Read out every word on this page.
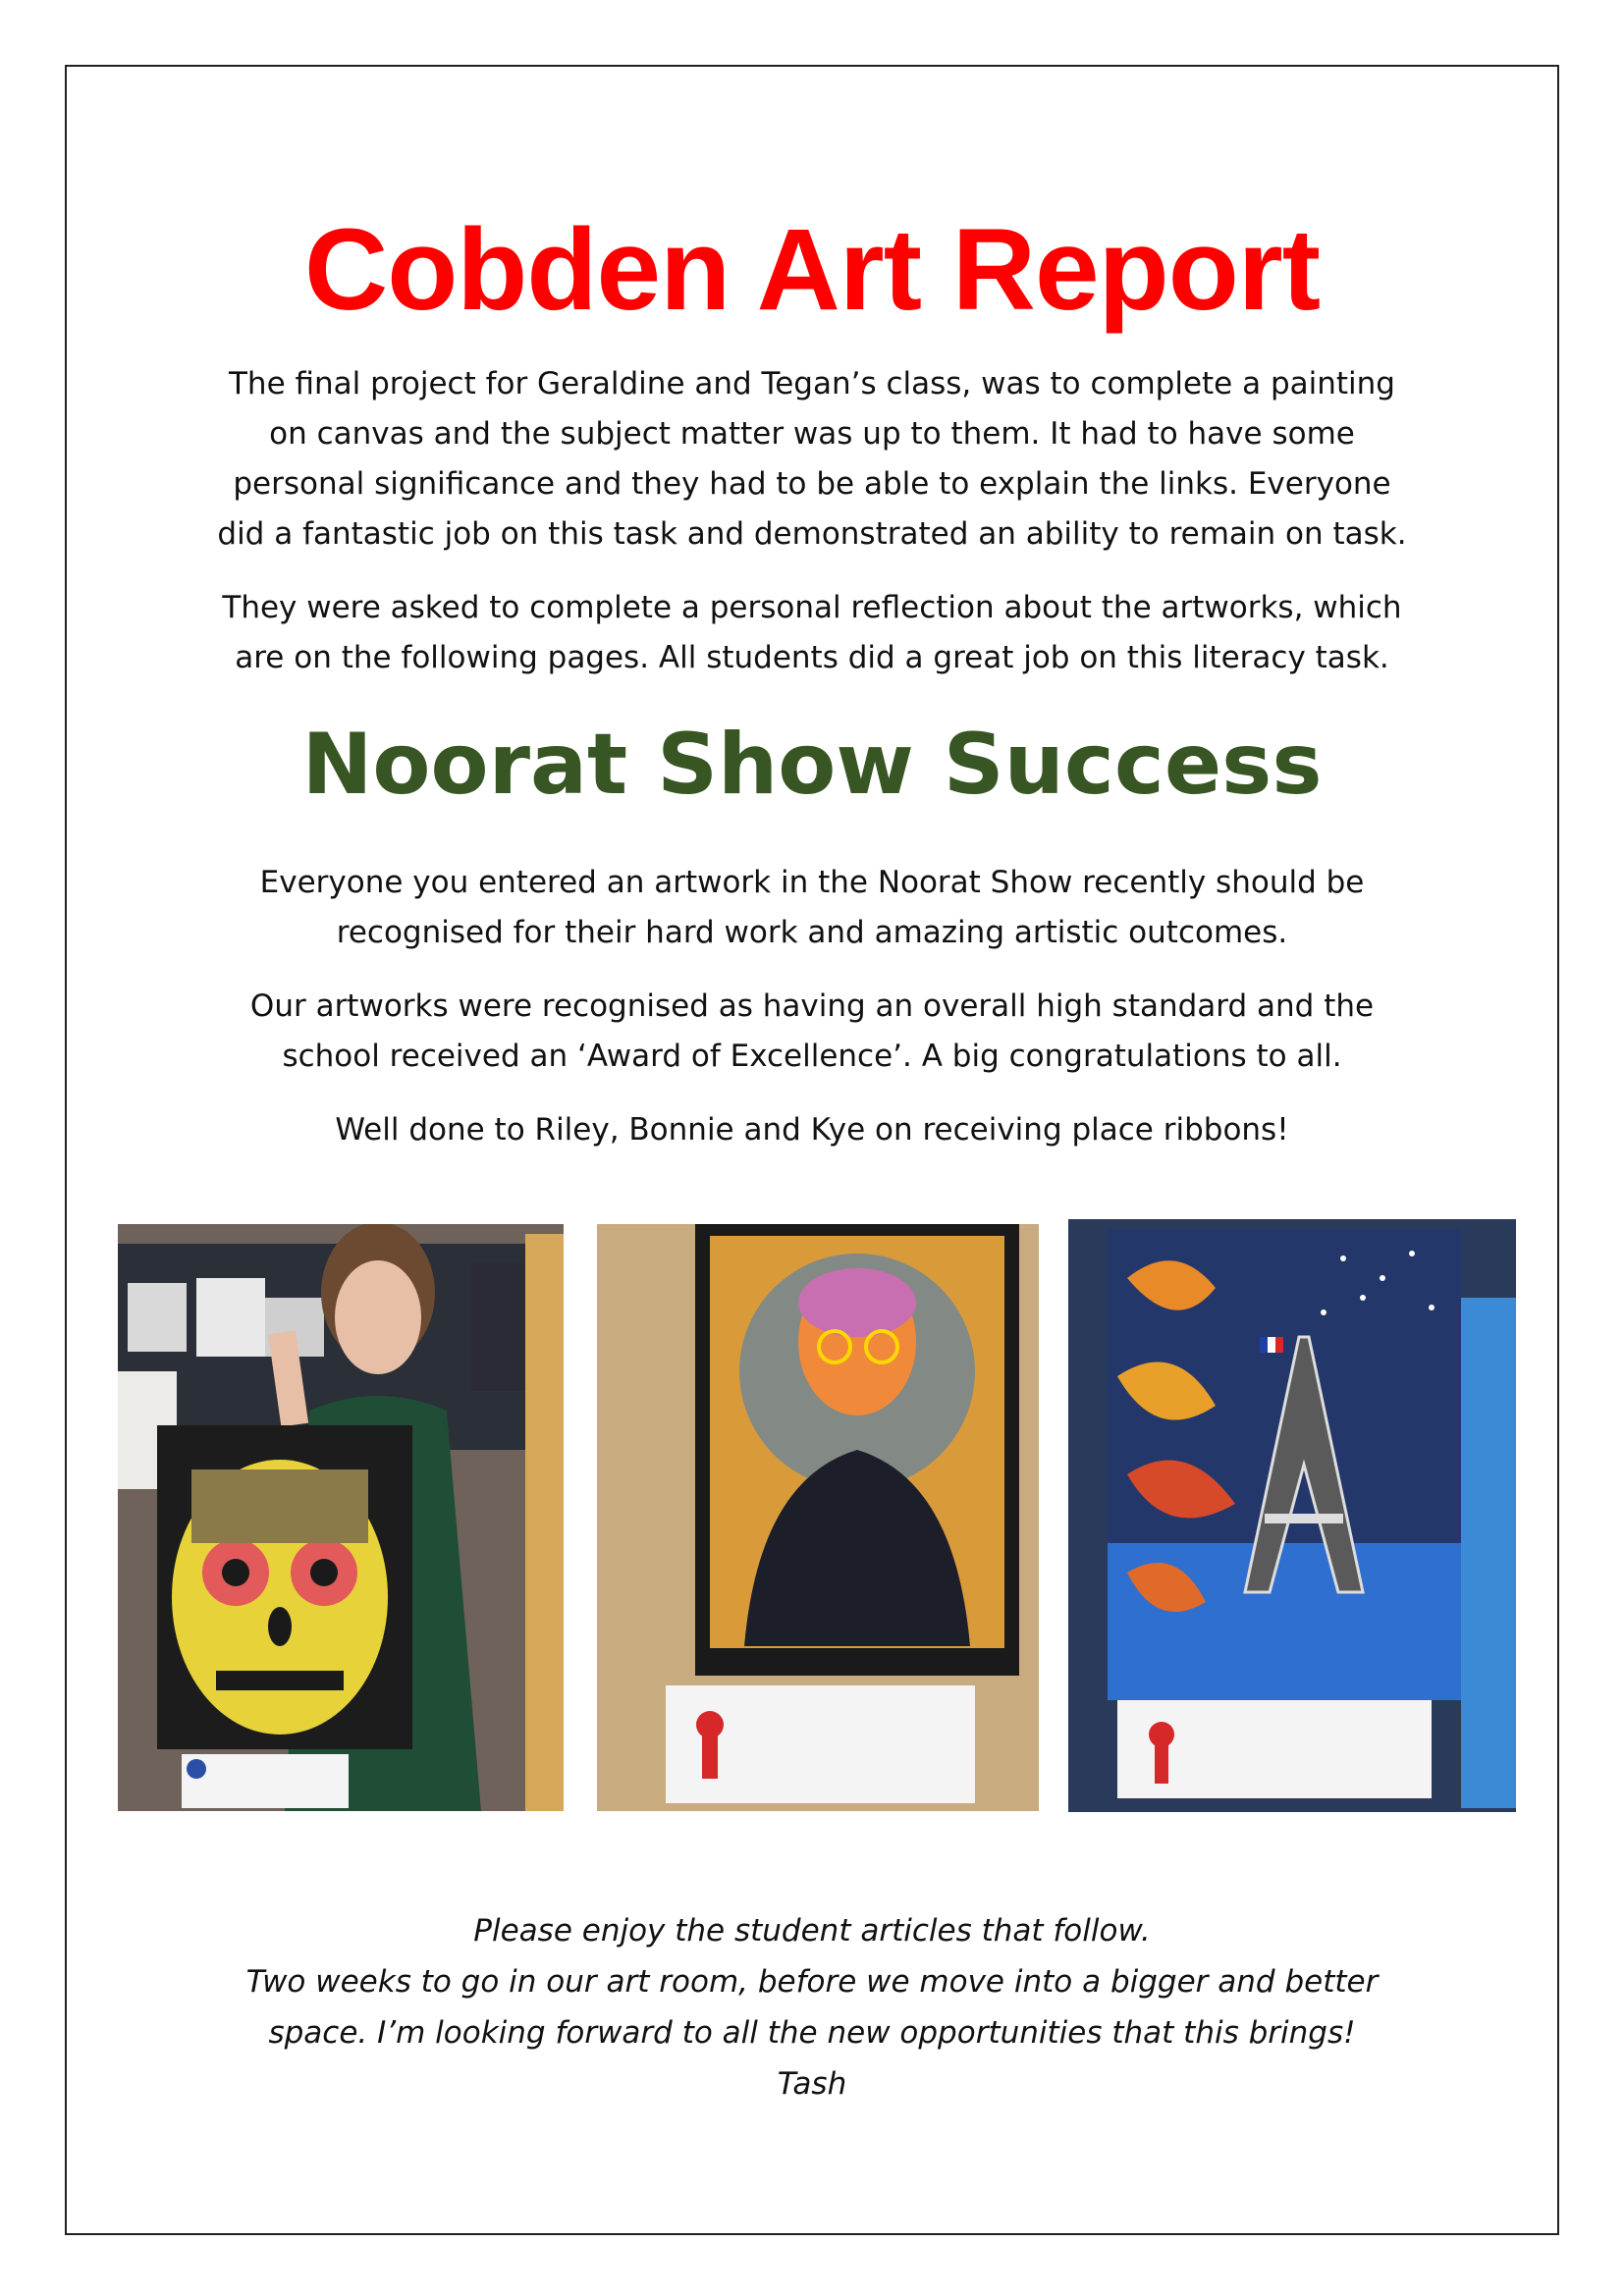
Cobden Art Report

The final project for Geraldine and Tegan’s class, was to complete a painting on canvas and the subject matter was up to them. It had to have some personal significance and they had to be able to explain the links. Everyone did a fantastic job on this task and demonstrated an ability to remain on task.

They were asked to complete a personal reflection about the artworks, which are on the following pages. All students did a great job on this literacy task.

Noorat Show Success

Everyone you entered an artwork in the Noorat Show recently should be recognised for their hard work and amazing artistic outcomes.

Our artworks were recognised as having an overall high standard and the school received an ‘Award of Excellence’. A big congratulations to all.

Well done to Riley, Bonnie and Kye on receiving place ribbons!

Please enjoy the student articles that follow.
Two weeks to go in our art room, before we move into a bigger and better space. I’m looking forward to all the new opportunities that this brings!
Tash
